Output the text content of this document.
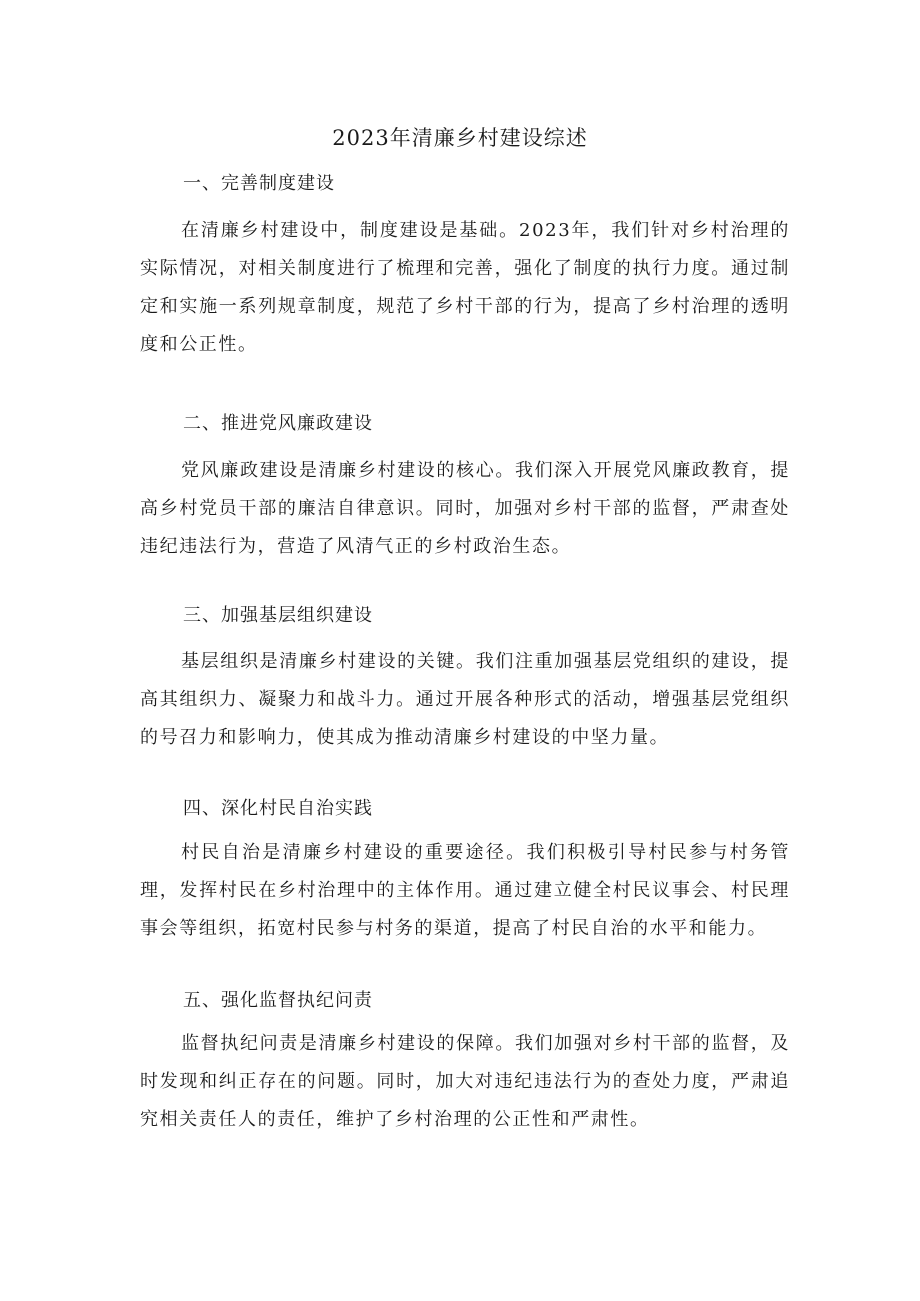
2023年清廉乡村建设综述
一、完善制度建设

在清廉乡村建设中，制度建设是基础。2023年，我们针对乡村治理的实际情况，对相关制度进行了梳理和完善，强化了制度的执行力度。通过制定和实施一系列规章制度，规范了乡村干部的行为，提高了乡村治理的透明度和公正性。

二、推进党风廉政建设

党风廉政建设是清廉乡村建设的核心。我们深入开展党风廉政教育，提高乡村党员干部的廉洁自律意识。同时，加强对乡村干部的监督，严肃查处违纪违法行为，营造了风清气正的乡村政治生态。

三、加强基层组织建设

基层组织是清廉乡村建设的关键。我们注重加强基层党组织的建设，提高其组织力、凝聚力和战斗力。通过开展各种形式的活动，增强基层党组织的号召力和影响力，使其成为推动清廉乡村建设的中坚力量。

四、深化村民自治实践

村民自治是清廉乡村建设的重要途径。我们积极引导村民参与村务管理，发挥村民在乡村治理中的主体作用。通过建立健全村民议事会、村民理事会等组织，拓宽村民参与村务的渠道，提高了村民自治的水平和能力。

五、强化监督执纪问责

监督执纪问责是清廉乡村建设的保障。我们加强对乡村干部的监督，及时发现和纠正存在的问题。同时，加大对违纪违法行为的查处力度，严肃追究相关责任人的责任，维护了乡村治理的公正性和严肃性。
